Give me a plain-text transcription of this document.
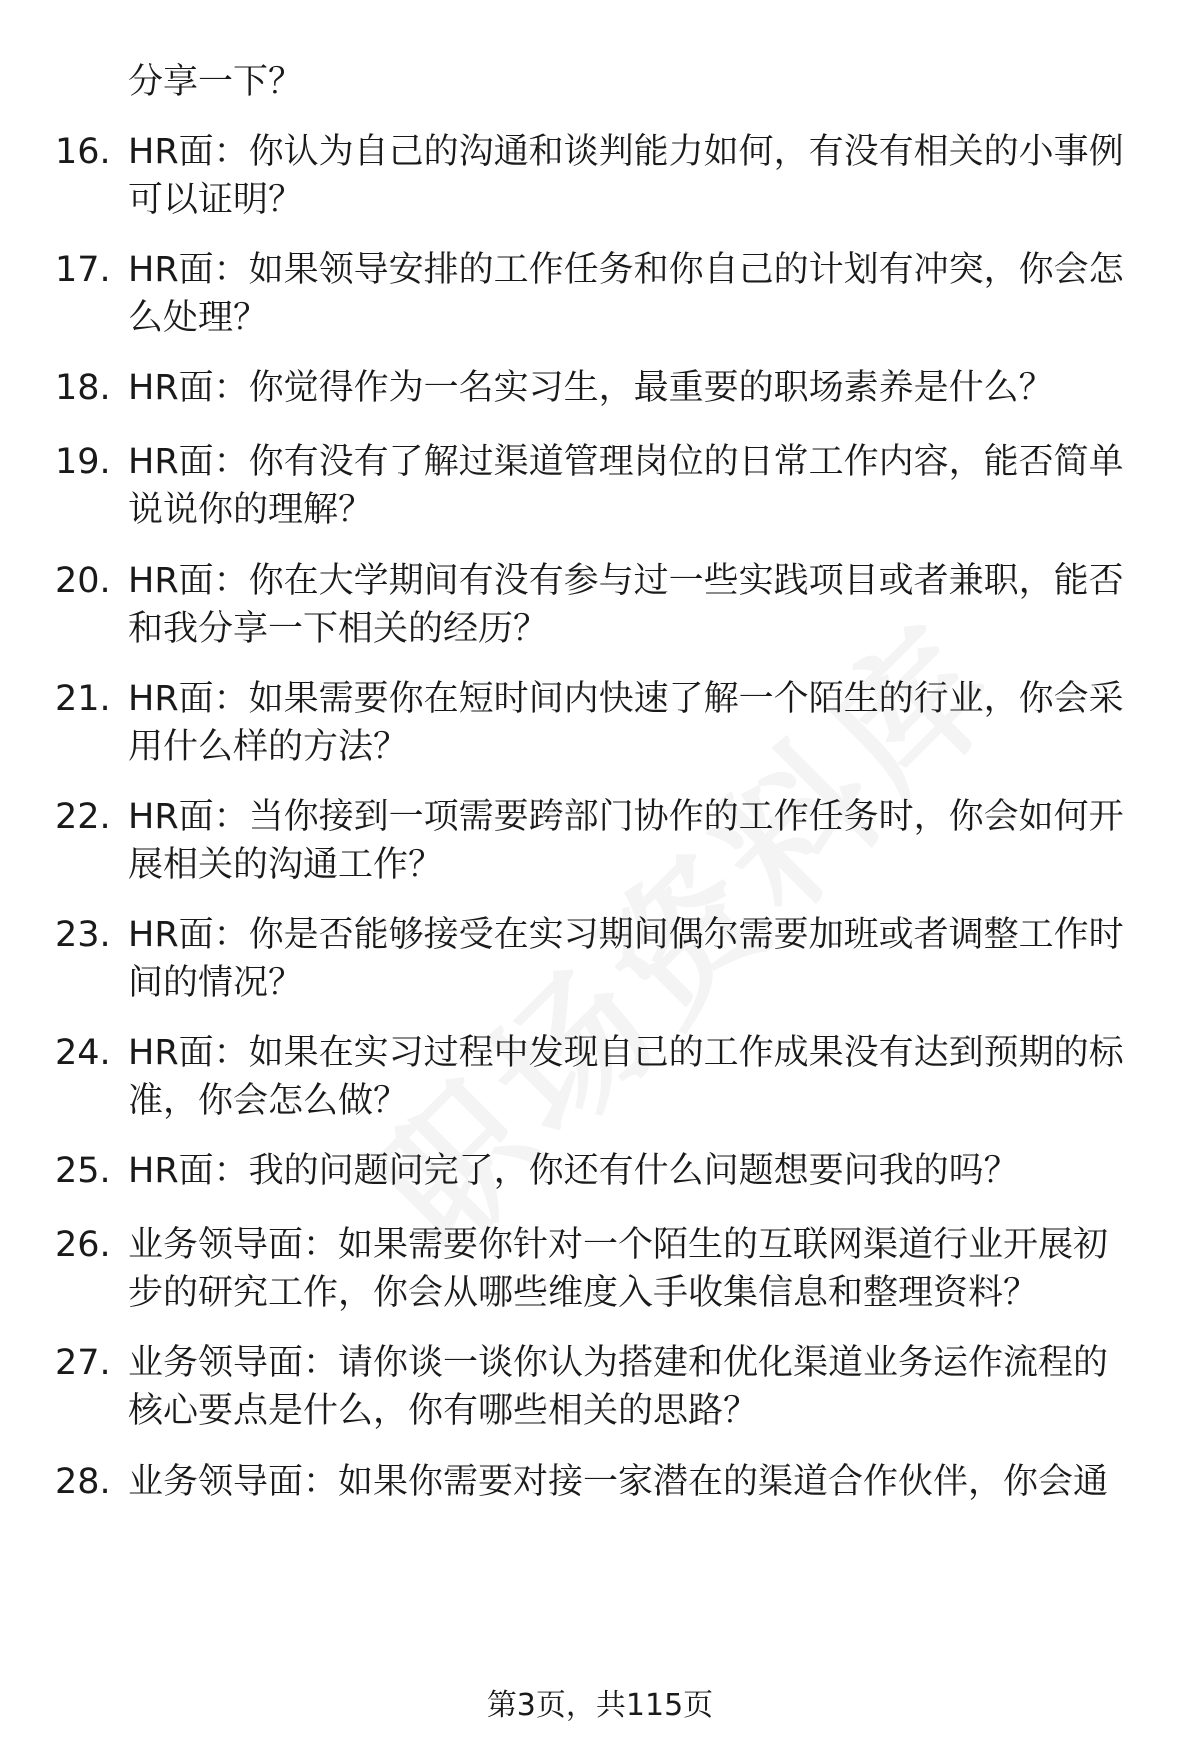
分享一下？
16. HR面：你认为自己的沟通和谈判能力如何，有没有相关的小事例
可以证明？
17. HR面：如果领导安排的工作任务和你自己的计划有冲突，你会怎
么处理？
18. HR面：你觉得作为一名实习生，最重要的职场素养是什么？
19. HR面：你有没有了解过渠道管理岗位的日常工作内容，能否简单
说说你的理解？
20. HR面：你在大学期间有没有参与过一些实践项目或者兼职，能否
和我分享一下相关的经历？
21. HR面：如果需要你在短时间内快速了解一个陌生的行业，你会采
用什么样的方法？
22. HR面：当你接到一项需要跨部门协作的工作任务时，你会如何开
展相关的沟通工作？
23. HR面：你是否能够接受在实习期间偶尔需要加班或者调整工作时
间的情况？
24. HR面：如果在实习过程中发现自己的工作成果没有达到预期的标
准，你会怎么做？
25. HR面：我的问题问完了，你还有什么问题想要问我的吗？
26. 业务领导面：如果需要你针对一个陌生的互联网渠道行业开展初
步的研究工作，你会从哪些维度入手收集信息和整理资料？
27. 业务领导面：请你谈一谈你认为搭建和优化渠道业务运作流程的
核心要点是什么，你有哪些相关的思路？
28. 业务领导面：如果你需要对接一家潜在的渠道合作伙伴，你会通
第3页，共115页
